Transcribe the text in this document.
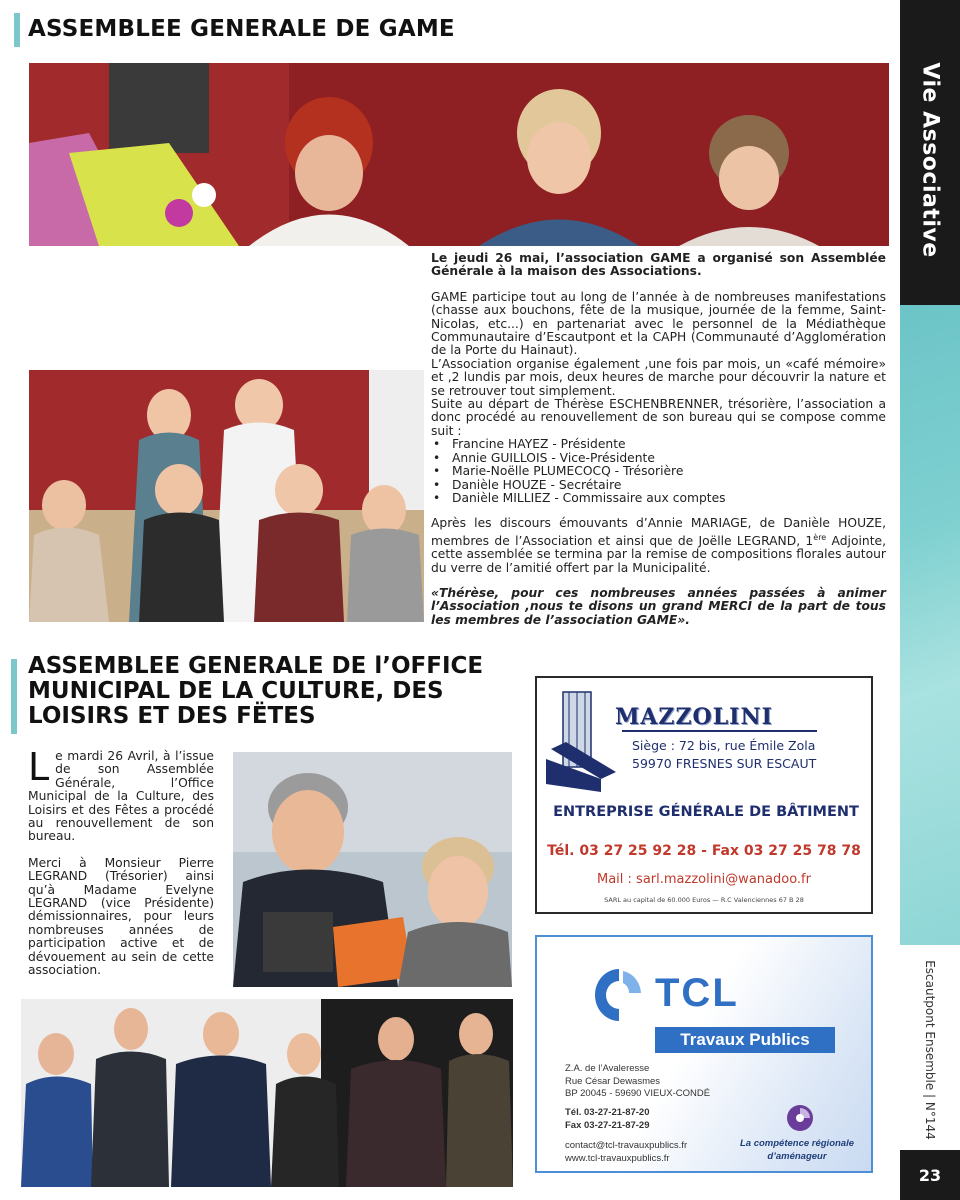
Vie Associative
Escautpont Ensemble | N°144
23
ASSEMBLEE GENERALE DE GAME

Le jeudi 26 mai, l’association GAME a organisé son Assemblée Générale à la maison des Associations.

GAME participe tout au long de l’année à de nombreuses manifestations (chasse aux bouchons, fête de la musique, journée de la femme, Saint-Nicolas, etc...) en partenariat avec le personnel de la Médiathèque Communautaire d’Escautpont et la CAPH (Communauté d’Agglomération de la Porte du Hainaut).

L’Association organise également ,une fois par mois, un «café mémoire» et ,2 lundis par mois, deux heures de marche pour découvrir la nature et se retrouver tout simplement.

Suite au départ de Thérèse ESCHENBRENNER, trésorière, l’association a donc procédé au renouvellement de son bureau qui se compose comme suit :

• Francine HAYEZ - Présidente
• Annie GUILLOIS - Vice-Présidente
• Marie-Noëlle PLUMECOCQ - Trésorière
• Danièle HOUZE - Secrétaire
• Danièle MILLIEZ - Commissaire aux comptes

Après les discours émouvants d’Annie MARIAGE, de Danièle HOUZE, membres de l’Association et ainsi que de Joëlle LEGRAND, 1ère Adjointe, cette assemblée se termina par la remise de compositions florales autour du verre de l’amitié offert par la Municipalité.

«Thérèse, pour ces nombreuses années passées à animer l’Association ,nous te disons un grand MERCI de la part de tous les membres de l’association GAME».

ASSEMBLEE GENERALE DE l’OFFICE MUNICIPAL DE LA CULTURE, DES LOISIRS ET DES FËTES
L e mardi 26 Avril, à l’issue de son Assemblée Générale, l’Office Municipal de la Culture, des Loisirs et des Fêtes a procédé au renouvellement de son bureau.

Merci à Monsieur Pierre LEGRAND (Trésorier) ainsi qu’à Madame Evelyne LEGRAND (vice Présidente) démissionnaires, pour leurs nombreuses années de participation active et de dévouement au sein de cette association.

MAZZOLINI
Siège : 72 bis, rue Émile Zola
59970 FRESNES SUR ESCAUT
ENTREPRISE GÉNÉRALE DE BÂTIMENT
Tél. 03 27 25 92 28 - Fax 03 27 25 78 78
Mail : sarl.mazzolini@wanadoo.fr
SARL au capital de 60.000 Euros — R.C Valenciennes 67 B 28
TCL
Travaux Publics
Z.A. de l’Avaleresse
Rue César Dewasmes
BP 20045 - 59690 VIEUX-CONDÉ
Tél. 03-27-21-87-20
Fax 03-27-21-87-29
contact@tcl-travauxpublics.fr
www.tcl-travauxpublics.fr
La compétence régionale
d’aménageur
